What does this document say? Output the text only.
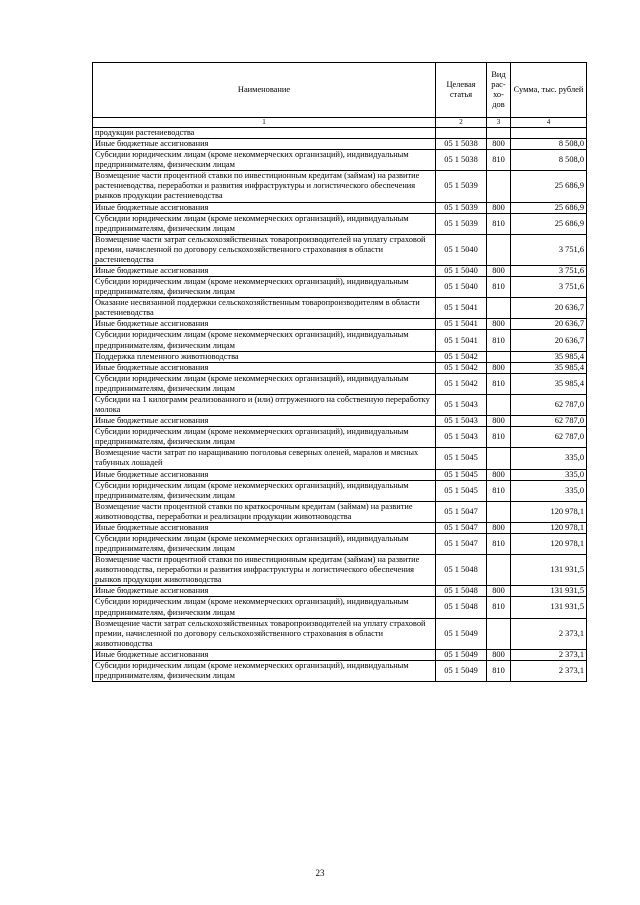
Наименование	Целевая статья	Вид рас-хо-дов	Сумма, тыс. рублей
1	2	3	4
продукции растениеводства			
Иные бюджетные ассигнования	05 1 5038	800	8 508,0
Субсидии юридическим лицам (кроме некоммерческих организаций), индивидуальным предпринимателям, физическим лицам	05 1 5038	810	8 508,0
Возмещение части процентной ставки по инвестиционным кредитам (займам) на развитие растениеводства, переработки и развития инфраструктуры и логистического обеспечения рынков продукции растениеводства	05 1 5039		25 686,9
Иные бюджетные ассигнования	05 1 5039	800	25 686,9
Субсидии юридическим лицам (кроме некоммерческих организаций), индивидуальным предпринимателям, физическим лицам	05 1 5039	810	25 686,9
Возмещение части затрат сельскохозяйственных товаропроизводителей на уплату страховой премии, начисленной по договору сельскохозяйственного страхования в области растениеводства	05 1 5040		3 751,6
Иные бюджетные ассигнования	05 1 5040	800	3 751,6
Субсидии юридическим лицам (кроме некоммерческих организаций), индивидуальным предпринимателям, физическим лицам	05 1 5040	810	3 751,6
Оказание несвязанной поддержки сельскохозяйственным товаропроизводителям в области растениеводства	05 1 5041		20 636,7
Иные бюджетные ассигнования	05 1 5041	800	20 636,7
Субсидии юридическим лицам (кроме некоммерческих организаций), индивидуальным предпринимателям, физическим лицам	05 1 5041	810	20 636,7
Поддержка племенного животноводства	05 1 5042		35 985,4
Иные бюджетные ассигнования	05 1 5042	800	35 985,4
Субсидии юридическим лицам (кроме некоммерческих организаций), индивидуальным предпринимателям, физическим лицам	05 1 5042	810	35 985,4
Субсидии на 1 килограмм реализованного и (или) отгруженного на собственную переработку молока	05 1 5043		62 787,0
Иные бюджетные ассигнования	05 1 5043	800	62 787,0
Субсидии юридическим лицам (кроме некоммерческих организаций), индивидуальным предпринимателям, физическим лицам	05 1 5043	810	62 787,0
Возмещение части затрат по наращиванию поголовья северных оленей, маралов и мясных табунных лошадей	05 1 5045		335,0
Иные бюджетные ассигнования	05 1 5045	800	335,0
Субсидии юридическим лицам (кроме некоммерческих организаций), индивидуальным предпринимателям, физическим лицам	05 1 5045	810	335,0
Возмещение части процентной ставки по краткосрочным кредитам (займам) на развитие животноводства, переработки и реализации продукции животноводства	05 1 5047		120 978,1
Иные бюджетные ассигнования	05 1 5047	800	120 978,1
Субсидии юридическим лицам (кроме некоммерческих организаций), индивидуальным предпринимателям, физическим лицам	05 1 5047	810	120 978,1
Возмещение части процентной ставки по инвестиционным кредитам (займам) на развитие животноводства, переработки и развития инфраструктуры и логистического обеспечения рынков продукции животноводства	05 1 5048		131 931,5
Иные бюджетные ассигнования	05 1 5048	800	131 931,5
Субсидии юридическим лицам (кроме некоммерческих организаций), индивидуальным предпринимателям, физическим лицам	05 1 5048	810	131 931,5
Возмещение части затрат сельскохозяйственных товаропроизводителей на уплату страховой премии, начисленной по договору сельскохозяйственного страхования в области животноводства	05 1 5049		2 373,1
Иные бюджетные ассигнования	05 1 5049	800	2 373,1
Субсидии юридическим лицам (кроме некоммерческих организаций), индивидуальным предпринимателям, физическим лицам	05 1 5049	810	2 373,1
23
